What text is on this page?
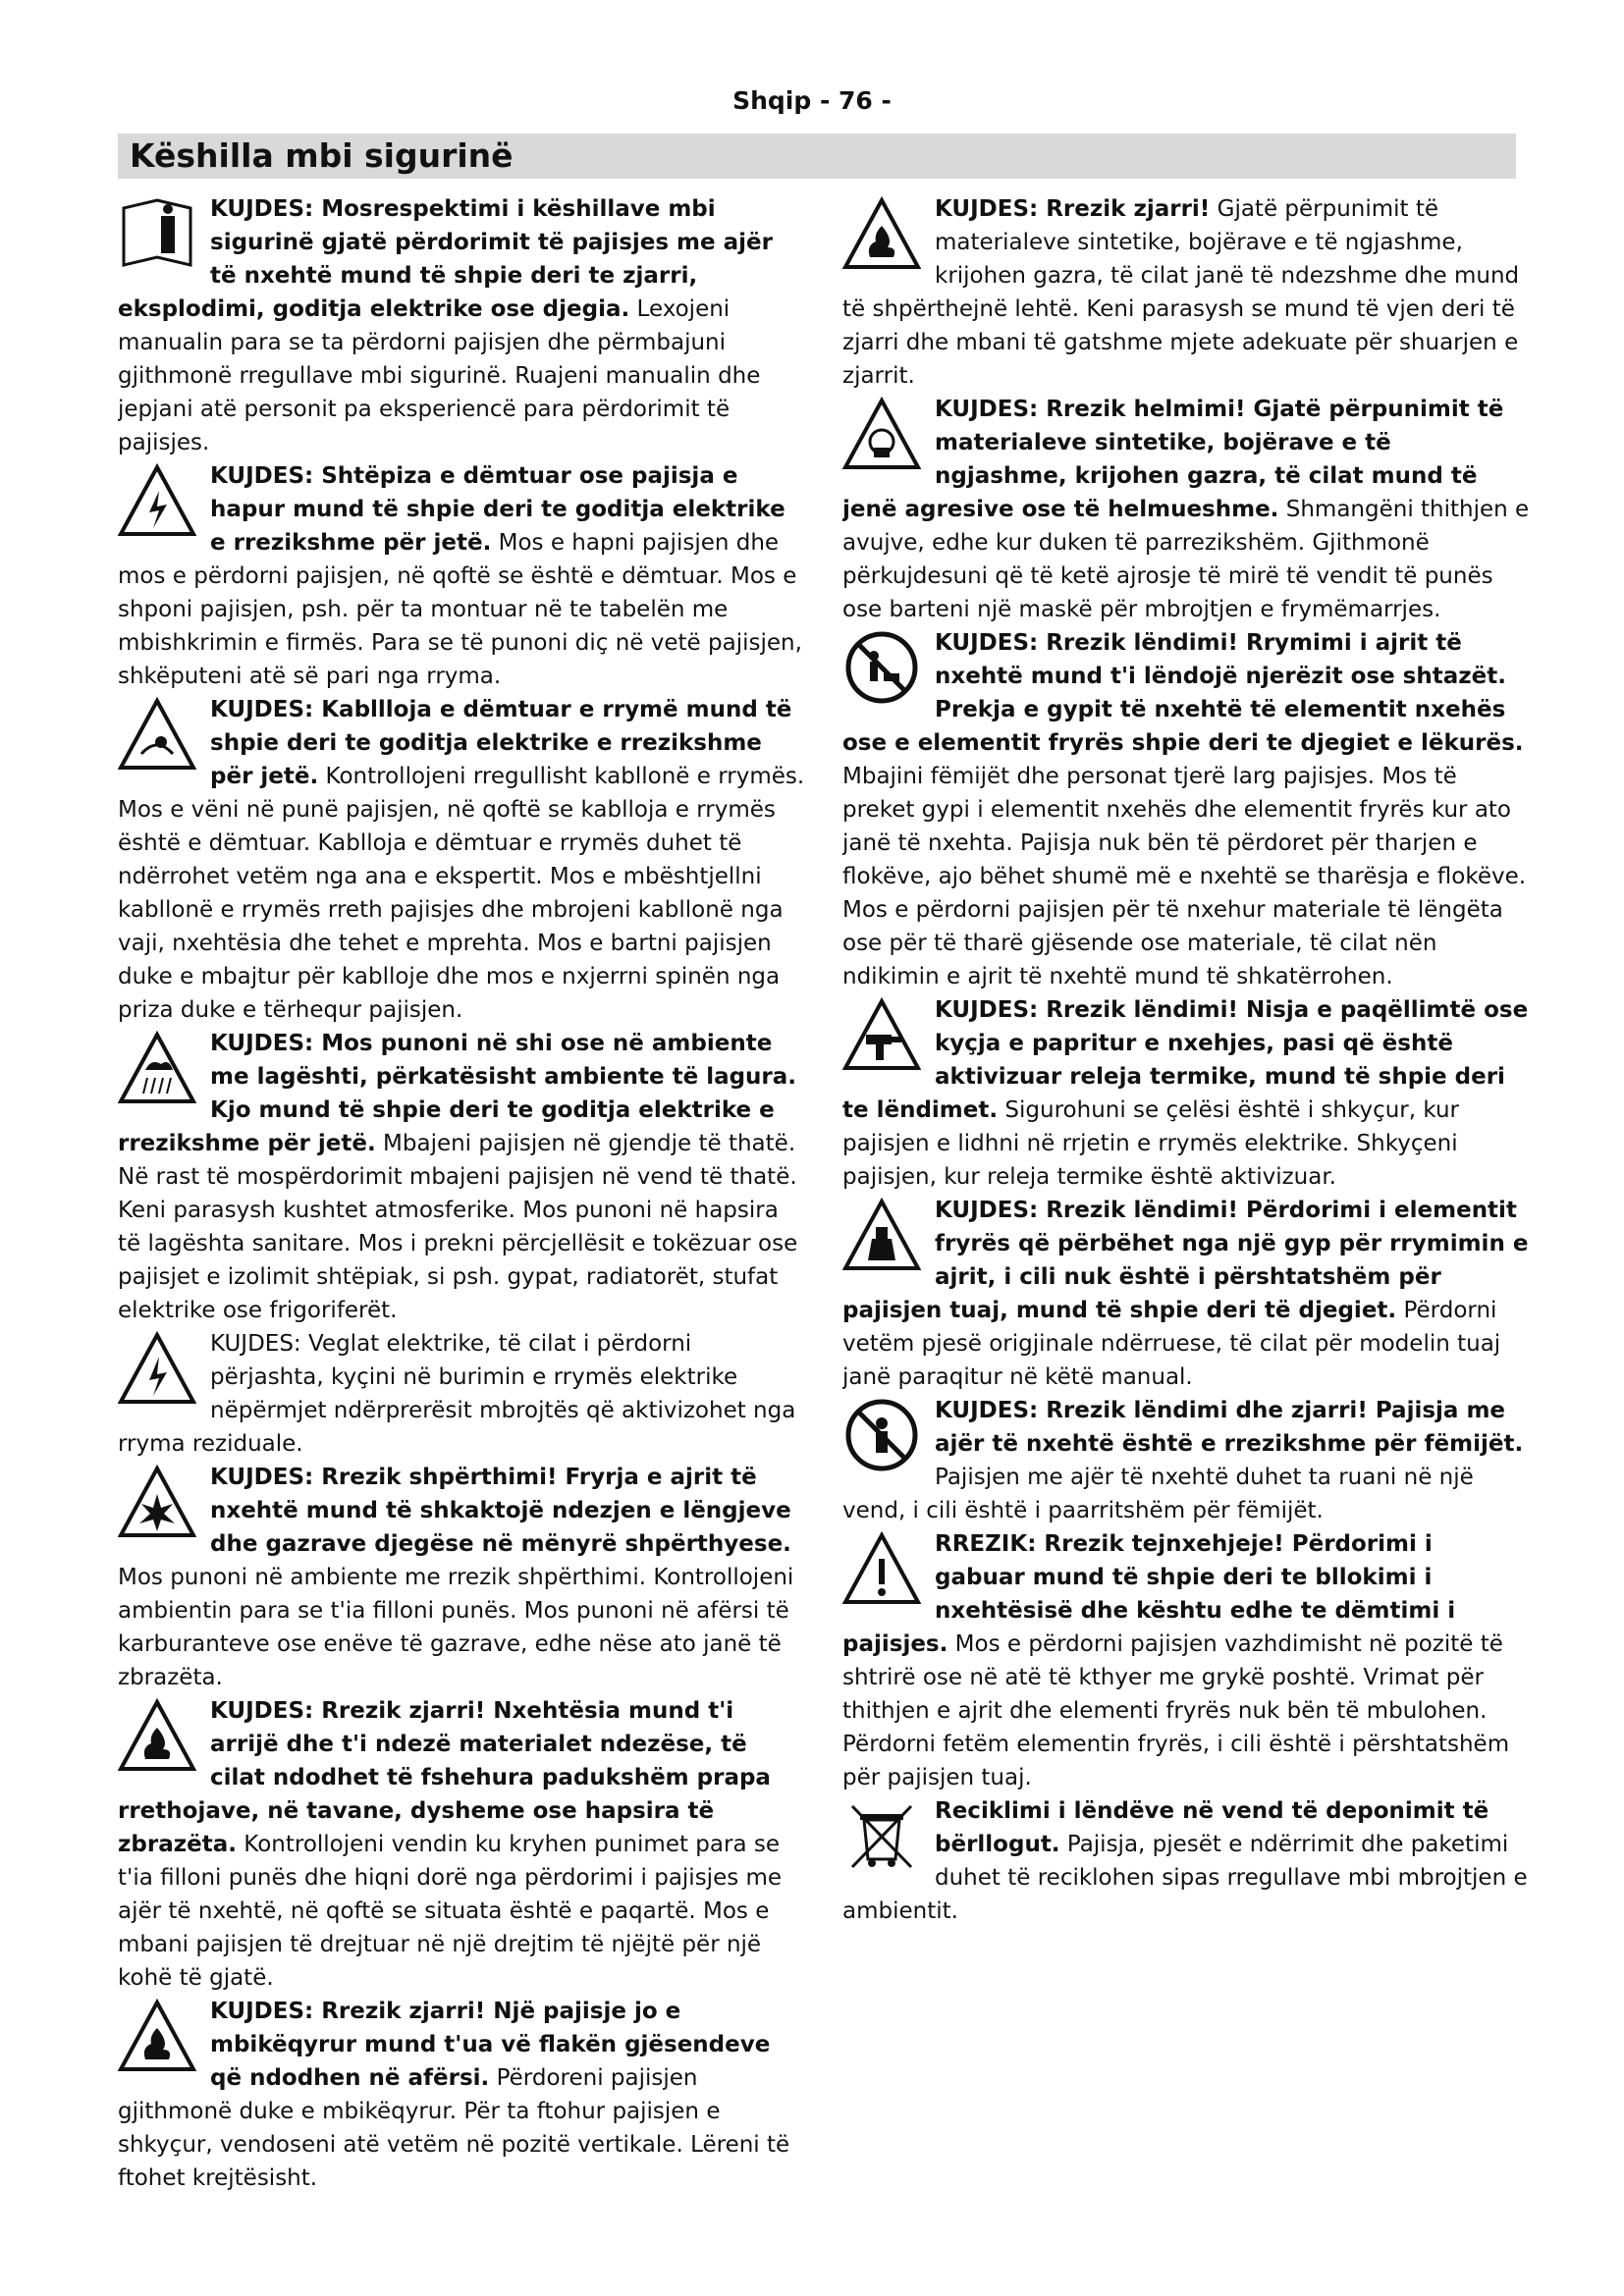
Shqip - 76 -
Këshilla mbi sigurinë

KUJDES: Mosrespektimi i këshillave mbi sigurinë gjatë përdorimit të pajisjes me ajër të nxehtë mund të shpie deri te zjarri, eksplodimi, goditja elektrike ose djegia. Lexojeni manualin para se ta përdorni pajisjen dhe përmbajuni gjithmonë rregullave mbi sigurinë. Ruajeni manualin dhe jepjani atë personit pa eksperiencë para përdorimit të pajisjes.

KUJDES: Shtëpiza e dëmtuar ose pajisja e hapur mund të shpie deri te goditja elektrike e rrezikshme për jetë. Mos e hapni pajisjen dhe mos e përdorni pajisjen, në qoftë se është e dëmtuar. Mos e shponi pajisjen, psh. për ta montuar në te tabelën me mbishkrimin e firmës. Para se të punoni diç në vetë pajisjen, shkëputeni atë së pari nga rryma.

KUJDES: Kabllloja e dëmtuar e rrymë mund të shpie deri te goditja elektrike e rrezikshme për jetë. Kontrollojeni rregullisht kabllonë e rrymës. Mos e vëni në punë pajisjen, në qoftë se kablloja e rrymës është e dëmtuar. Kablloja e dëmtuar e rrymës duhet të ndërrohet vetëm nga ana e ekspertit. Mos e mbështjellni kabllonë e rrymës rreth pajisjes dhe mbrojeni kabllonë nga vaji, nxehtësia dhe tehet e mprehta. Mos e bartni pajisjen duke e mbajtur për kablloje dhe mos e nxjerrni spinën nga priza duke e tërhequr pajisjen.

KUJDES: Mos punoni në shi ose në ambiente me lagështi, përkatësisht ambiente të lagura. Kjo mund të shpie deri te goditja elektrike e rrezikshme për jetë. Mbajeni pajisjen në gjendje të thatë. Në rast të mospërdorimit mbajeni pajisjen në vend të thatë. Keni parasysh kushtet atmosferike. Mos punoni në hapsira të lagështa sanitare. Mos i prekni përcjellësit e tokëzuar ose pajisjet e izolimit shtëpiak, si psh. gypat, radiatorët, stufat elektrike ose frigoriferët.

KUJDES: Veglat elektrike, të cilat i përdorni përjashta, kyçini në burimin e rrymës elektrike nëpërmjet ndërprerësit mbrojtës që aktivizohet nga rryma reziduale.

KUJDES: Rrezik shpërthimi! Fryrja e ajrit të nxehtë mund të shkaktojë ndezjen e lëngjeve dhe gazrave djegëse në mënyrë shpërthyese. Mos punoni në ambiente me rrezik shpërthimi. Kontrollojeni ambientin para se t'ia filloni punës. Mos punoni në afërsi të karburanteve ose enëve të gazrave, edhe nëse ato janë të zbrazëta.

KUJDES: Rrezik zjarri! Nxehtësia mund t'i arrijë dhe t'i ndezë materialet ndezëse, të cilat ndodhet të fshehura padukshëm prapa rrethojave, në tavane, dysheme ose hapsira të zbrazëta. Kontrollojeni vendin ku kryhen punimet para se t'ia filloni punës dhe hiqni dorë nga përdorimi i pajisjes me ajër të nxehtë, në qoftë se situata është e paqartë. Mos e mbani pajisjen të drejtuar në një drejtim të njëjtë për një kohë të gjatë.

KUJDES: Rrezik zjarri! Një pajisje jo e mbikëqyrur mund t'ua vë flakën gjësendeve që ndodhen në afërsi. Përdoreni pajisjen gjithmonë duke e mbikëqyrur. Për ta ftohur pajisjen e shkyçur, vendoseni atë vetëm në pozitë vertikale. Lëreni të ftohet krejtësisht.

KUJDES: Rrezik zjarri! Gjatë përpunimit të materialeve sintetike, bojërave e të ngjashme, krijohen gazra, të cilat janë të ndezshme dhe mund të shpërthejnë lehtë. Keni parasysh se mund të vjen deri të zjarri dhe mbani të gatshme mjete adekuate për shuarjen e zjarrit.

KUJDES: Rrezik helmimi! Gjatë përpunimit të materialeve sintetike, bojërave e të ngjashme, krijohen gazra, të cilat mund të jenë agresive ose të helmueshme. Shmangëni thithjen e avujve, edhe kur duken të parrezikshëm. Gjithmonë përkujdesuni që të ketë ajrosje të mirë të vendit të punës ose barteni një maskë për mbrojtjen e frymëmarrjes.

KUJDES: Rrezik lëndimi! Rrymimi i ajrit të nxehtë mund t'i lëndojë njerëzit ose shtazët. Prekja e gypit të nxehtë të elementit nxehës ose e elementit fryrës shpie deri te djegiet e lëkurës. Mbajini fëmijët dhe personat tjerë larg pajisjes. Mos të preket gypi i elementit nxehës dhe elementit fryrës kur ato janë të nxehta. Pajisja nuk bën të përdoret për tharjen e flokëve, ajo bëhet shumë më e nxehtë se tharësja e flokëve. Mos e përdorni pajisjen për të nxehur materiale të lëngëta ose për të tharë gjësende ose materiale, të cilat nën ndikimin e ajrit të nxehtë mund të shkatërrohen.

KUJDES: Rrezik lëndimi! Nisja e paqëllimtë ose kyçja e papritur e nxehjes, pasi që është aktivizuar releja termike, mund të shpie deri te lëndimet. Sigurohuni se çelësi është i shkyçur, kur pajisjen e lidhni në rrjetin e rrymës elektrike. Shkyçeni pajisjen, kur releja termike është aktivizuar.

KUJDES: Rrezik lëndimi! Përdorimi i elementit fryrës që përbëhet nga një gyp për rrymimin e ajrit, i cili nuk është i përshtatshëm për pajisjen tuaj, mund të shpie deri të djegiet. Përdorni vetëm pjesë origjinale ndërruese, të cilat për modelin tuaj janë paraqitur në këtë manual.

KUJDES: Rrezik lëndimi dhe zjarri! Pajisja me ajër të nxehtë është e rrezikshme për fëmijët. Pajisjen me ajër të nxehtë duhet ta ruani në një vend, i cili është i paarritshëm për fëmijët.

RREZIK: Rrezik tejnxehjeje! Përdorimi i gabuar mund të shpie deri te bllokimi i nxehtësisë dhe kështu edhe te dëmtimi i pajisjes. Mos e përdorni pajisjen vazhdimisht në pozitë të shtrirë ose në atë të kthyer me grykë poshtë. Vrimat për thithjen e ajrit dhe elementi fryrës nuk bën të mbulohen. Përdorni fetëm elementin fryrës, i cili është i përshtatshëm për pajisjen tuaj.

Reciklimi i lëndëve në vend të deponimit të bërllogut. Pajisja, pjesët e ndërrimit dhe paketimi duhet të reciklohen sipas rregullave mbi mbrojtjen e ambientit.
